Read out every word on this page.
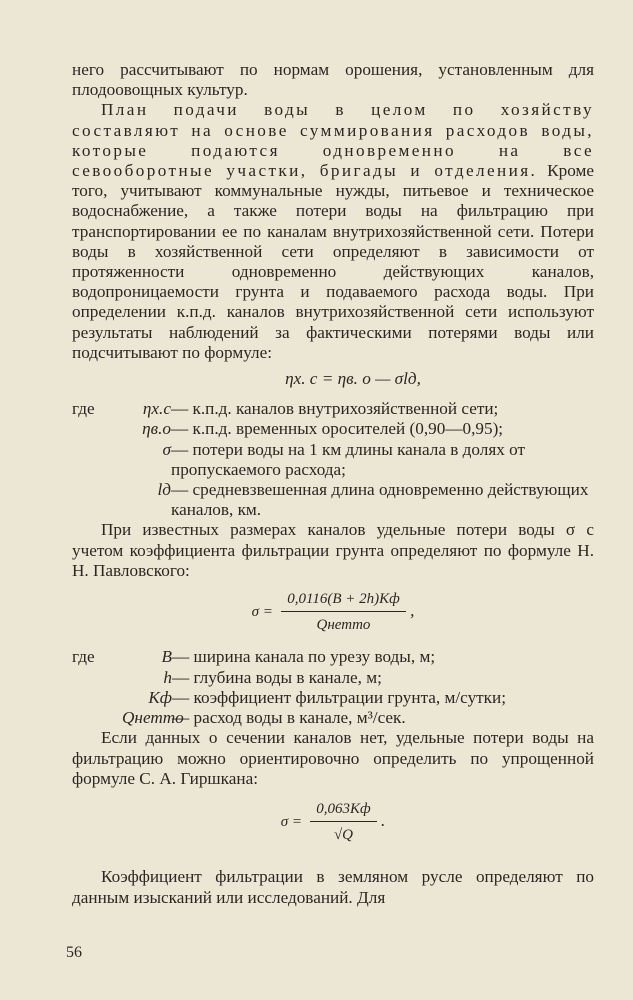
него рассчитывают по нормам орошения, установленным для плодоовощных культур.

План подачи воды в целом по хозяйству составляют на основе суммирования расходов воды, которые подаются одновременно на все севооборотные участки, бригады и отделения. Кроме того, учитывают коммунальные нужды, питьевое и техническое водоснабжение, а также потери воды на фильтрацию при транспортировании ее по каналам внутрихозяйственной сети. Потери воды в хозяйственной сети определяют в зависимости от протяженности одновременно действующих каналов, водопроницаемости грунта и подаваемого расхода воды. При определении к.п.д. каналов внутрихозяйственной сети используют результаты наблюдений за фактическими потерями воды или подсчитывают по формуле:

ηх. с = ηв. о — σlд,
где	ηх.с — к.п.д. каналов внутрихозяйственной сети;
ηв.о — к.п.д. временных оросителей (0,90—0,95);
σ — потери воды на 1 км длины канала в долях от пропускаемого расхода;
lд — средневзвешенная длина одновременно действующих каналов, км.

При известных размерах каналов удельные потери воды σ с учетом коэффициента фильтрации грунта определяют по формуле Н. Н. Павловского:

$\sigma = \frac{0,0116(B + 2h)Kф}{\text{Qнетто}}$ ,
где	B — ширина канала по урезу воды, м;
h — глубина воды в канале, м;
Kф — коэффициент фильтрации грунта, м/сутки;
Qнетто
— расход воды в канале, м³/сек.

Если данных о сечении каналов нет, удельные потери воды на фильтрацию можно ориентировочно определить по упрощенной формуле С. А. Гиршкана:

$\sigma = \frac{0,063Kф}{√Q}$ .

Коэффициент фильтрации в земляном русле определяют по данным изысканий или исследований. Для

56
